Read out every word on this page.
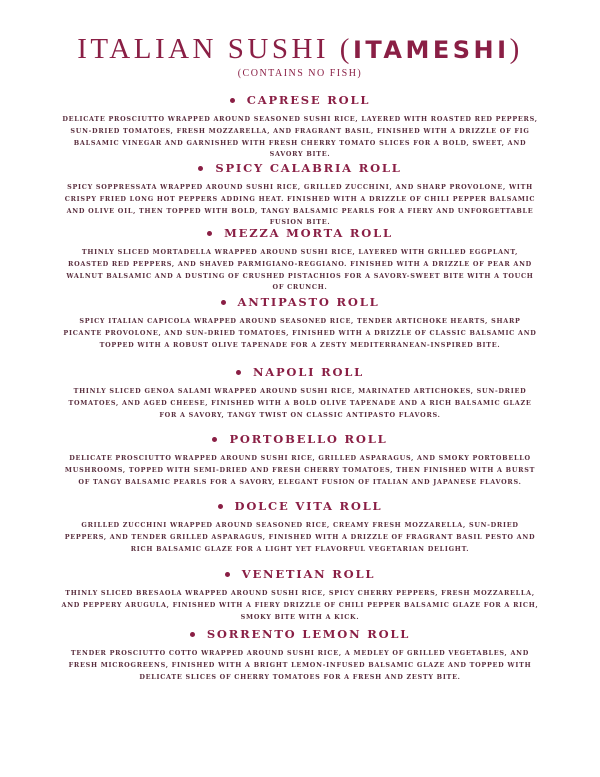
ITALIAN SUSHI (ITAMESHI)
(CONTAINS NO FISH)
CAPRESE ROLL
DELICATE PROSCIUTTO WRAPPED AROUND SEASONED SUSHI RICE, LAYERED WITH ROASTED RED PEPPERS, SUN-DRIED TOMATOES, FRESH MOZZARELLA, AND FRAGRANT BASIL, FINISHED WITH A DRIZZLE OF FIG BALSAMIC VINEGAR AND GARNISHED WITH FRESH CHERRY TOMATO SLICES FOR A BOLD, SWEET, AND SAVORY BITE.
SPICY CALABRIA ROLL
SPICY SOPPRESSATA WRAPPED AROUND SUSHI RICE, GRILLED ZUCCHINI, AND SHARP PROVOLONE, WITH CRISPY FRIED LONG HOT PEPPERS ADDING HEAT. FINISHED WITH A DRIZZLE OF CHILI PEPPER BALSAMIC AND OLIVE OIL, THEN TOPPED WITH BOLD, TANGY BALSAMIC PEARLS FOR A FIERY AND UNFORGETTABLE FUSION BITE.
MEZZA MORTA ROLL
THINLY SLICED MORTADELLA WRAPPED AROUND SUSHI RICE, LAYERED WITH GRILLED EGGPLANT, ROASTED RED PEPPERS, AND SHAVED PARMIGIANO-REGGIANO. FINISHED WITH A DRIZZLE OF PEAR AND WALNUT BALSAMIC AND A DUSTING OF CRUSHED PISTACHIOS FOR A SAVORY-SWEET BITE WITH A TOUCH OF CRUNCH.
ANTIPASTO ROLL
SPICY ITALIAN CAPICOLA WRAPPED AROUND SEASONED RICE, TENDER ARTICHOKE HEARTS, SHARP PICANTE PROVOLONE, AND SUN-DRIED TOMATOES, FINISHED WITH A DRIZZLE OF CLASSIC BALSAMIC AND TOPPED WITH A ROBUST OLIVE TAPENADE FOR A ZESTY MEDITERRANEAN-INSPIRED BITE.
NAPOLI ROLL
THINLY SLICED GENOA SALAMI WRAPPED AROUND SUSHI RICE, MARINATED ARTICHOKES, SUN-DRIED TOMATOES, AND AGED CHEESE, FINISHED WITH A BOLD OLIVE TAPENADE AND A RICH BALSAMIC GLAZE FOR A SAVORY, TANGY TWIST ON CLASSIC ANTIPASTO FLAVORS.
PORTOBELLO ROLL
DELICATE PROSCIUTTO WRAPPED AROUND SUSHI RICE, GRILLED ASPARAGUS, AND SMOKY PORTOBELLO MUSHROOMS, TOPPED WITH SEMI-DRIED AND FRESH CHERRY TOMATOES, THEN FINISHED WITH A BURST OF TANGY BALSAMIC PEARLS FOR A SAVORY, ELEGANT FUSION OF ITALIAN AND JAPANESE FLAVORS.
DOLCE VITA ROLL
GRILLED ZUCCHINI WRAPPED AROUND SEASONED RICE, CREAMY FRESH MOZZARELLA, SUN-DRIED PEPPERS, AND TENDER GRILLED ASPARAGUS, FINISHED WITH A DRIZZLE OF FRAGRANT BASIL PESTO AND RICH BALSAMIC GLAZE FOR A LIGHT YET FLAVORFUL VEGETARIAN DELIGHT.
VENETIAN ROLL
THINLY SLICED BRESAOLA WRAPPED AROUND SUSHI RICE, SPICY CHERRY PEPPERS, FRESH MOZZARELLA, AND PEPPERY ARUGULA, FINISHED WITH A FIERY DRIZZLE OF CHILI PEPPER BALSAMIC GLAZE FOR A RICH, SMOKY BITE WITH A KICK.
SORRENTO LEMON ROLL
TENDER PROSCIUTTO COTTO WRAPPED AROUND SUSHI RICE, A MEDLEY OF GRILLED VEGETABLES, AND FRESH MICROGREENS, FINISHED WITH A BRIGHT LEMON-INFUSED BALSAMIC GLAZE AND TOPPED WITH DELICATE SLICES OF CHERRY TOMATOES FOR A FRESH AND ZESTY BITE.
